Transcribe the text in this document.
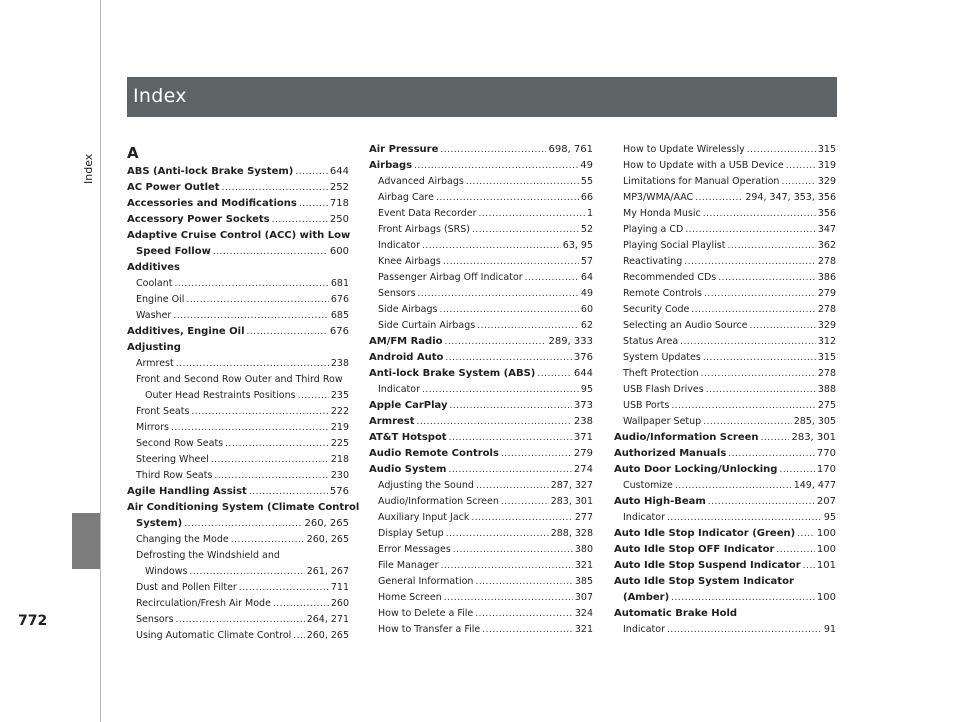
Index
772
Index
A
ABS (Anti-lock Brake System) .....	644
AC Power Outlet .....	252
Accessories and Modifications .....	718
Accessory Power Sockets .....	250
Adaptive Cruise Control (ACC) with Low
Speed Follow .....	600
Additives
Coolant .....	681
Engine Oil .....	676
Washer .....	685
Additives, Engine Oil .....	676
Adjusting
Armrest .....	238
Front and Second Row Outer and Third Row
Outer Head Restraints Positions .....	235
Front Seats .....	222
Mirrors .....	219
Second Row Seats .....	225
Steering Wheel .....	218
Third Row Seats .....	230
Agile Handling Assist .....	576
Air Conditioning System (Climate Control
System) .....	260, 265
Changing the Mode .....	260, 265
Defrosting the Windshield and
Windows .....	261, 267
Dust and Pollen Filter .....	711
Recirculation/Fresh Air Mode .....	260
Sensors .....	264, 271
Using Automatic Climate Control ..... 260, 265
Air Pressure .....	698, 761
Airbags .....	49
Advanced Airbags .....	55
Airbag Care .....	66
Event Data Recorder .....	1
Front Airbags (SRS) .....	52
Indicator .....	63, 95
Knee Airbags .....	57
Passenger Airbag Off Indicator .....	64
Sensors .....	49
Side Airbags .....	60
Side Curtain Airbags .....	62
AM/FM Radio .....	289, 333
Android Auto .....	376
Anti-lock Brake System (ABS) .....	644
Indicator .....	95
Apple CarPlay .....	373
Armrest .....	238
AT&T Hotspot .....	371
Audio Remote Controls .....	279
Audio System .....	274
Adjusting the Sound .....	287, 327
Audio/Information Screen .....	283, 301
Auxiliary Input Jack .....	277
Display Setup .....	288, 328
Error Messages .....	380
File Manager .....	321
General Information .....	385
Home Screen .....	307
How to Delete a File .....	324
How to Transfer a File .....	321
How to Update Wirelessly .....	315
How to Update with a USB Device .....	319
Limitations for Manual Operation .....	329
MP3/WMA/AAC .....	294, 347, 353, 356
My Honda Music .....	356
Playing a CD .....	347
Playing Social Playlist .....	362
Reactivating .....	278
Recommended CDs .....	386
Remote Controls .....	279
Security Code .....	278
Selecting an Audio Source .....	329
Status Area .....	312
System Updates .....	315
Theft Protection .....	278
USB Flash Drives .....	388
USB Ports .....	275
Wallpaper Setup .....	285, 305
Audio/Information Screen .....	283, 301
Authorized Manuals .....	770
Auto Door Locking/Unlocking .....	170
Customize .....	149, 477
Auto High-Beam .....	207
Indicator .....	95
Auto Idle Stop Indicator (Green) ..... 100
Auto Idle Stop OFF Indicator .....	100
Auto Idle Stop Suspend Indicator ..... 101
Auto Idle Stop System Indicator
(Amber) .....	100
Automatic Brake Hold
Indicator .....	91
